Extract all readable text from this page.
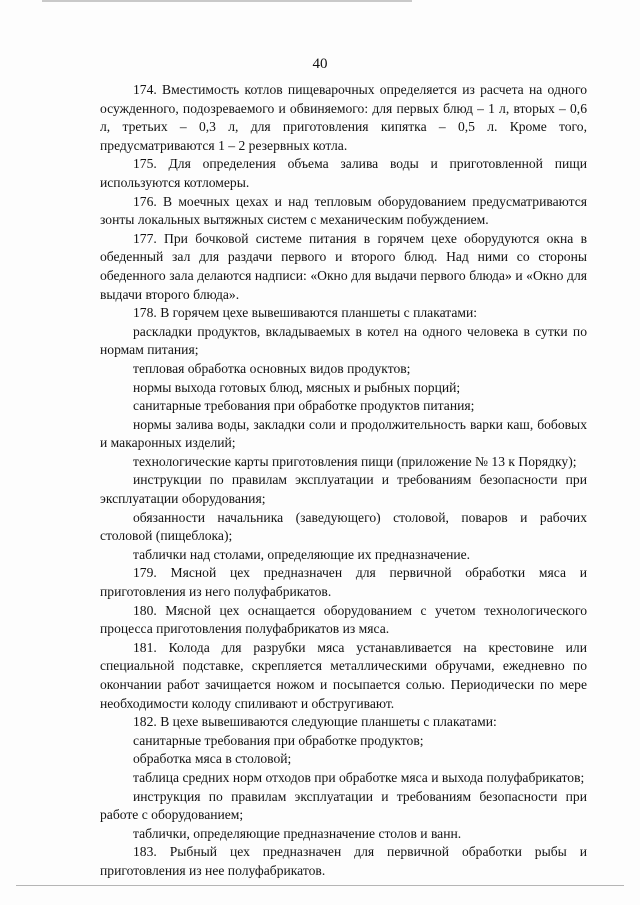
40

174. Вместимость котлов пищеварочных определяется из расчета на одного осужденного, подозреваемого и обвиняемого: для первых блюд – 1 л, вторых – 0,6 л, третьих – 0,3 л, для приготовления кипятка – 0,5 л. Кроме того, предусматриваются 1 – 2 резервных котла.

175. Для определения объема залива воды и приготовленной пищи используются котломеры.

176. В моечных цехах и над тепловым оборудованием предусматриваются зонты локальных вытяжных систем с механическим побуждением.

177. При бочковой системе питания в горячем цехе оборудуются окна в обеденный зал для раздачи первого и второго блюд. Над ними со стороны обеденного зала делаются надписи: «Окно для выдачи первого блюда» и «Окно для выдачи второго блюда».

178. В горячем цехе вывешиваются планшеты с плакатами:

раскладки продуктов, вкладываемых в котел на одного человека в сутки по нормам питания;

тепловая обработка основных видов продуктов;

нормы выхода готовых блюд, мясных и рыбных порций;

санитарные требования при обработке продуктов питания;

нормы залива воды, закладки соли и продолжительность варки каш, бобовых и макаронных изделий;

технологические карты приготовления пищи (приложение № 13 к Порядку);

инструкции по правилам эксплуатации и требованиям безопасности при эксплуатации оборудования;

обязанности начальника (заведующего) столовой, поваров и рабочих столовой (пищеблока);

таблички над столами, определяющие их предназначение.

179. Мясной цех предназначен для первичной обработки мяса и приготовления из него полуфабрикатов.

180. Мясной цех оснащается оборудованием с учетом технологического процесса приготовления полуфабрикатов из мяса.

181. Колода для разрубки мяса устанавливается на крестовине или специальной подставке, скрепляется металлическими обручами, ежедневно по окончании работ зачищается ножом и посыпается солью. Периодически по мере необходимости колоду спиливают и обстругивают.

182. В цехе вывешиваются следующие планшеты с плакатами:

санитарные требования при обработке продуктов;

обработка мяса в столовой;

таблица средних норм отходов при обработке мяса и выхода полуфабрикатов;

инструкция по правилам эксплуатации и требованиям безопасности при работе с оборудованием;

таблички, определяющие предназначение столов и ванн.

183. Рыбный цех предназначен для первичной обработки рыбы и приготовления из нее полуфабрикатов.
